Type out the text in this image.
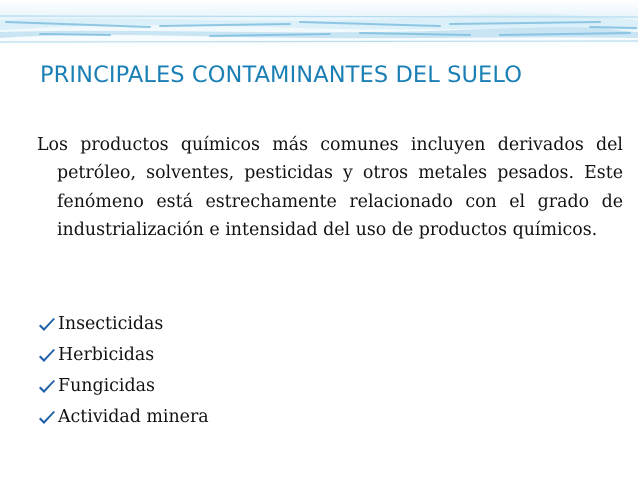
PRINCIPALES CONTAMINANTES DEL SUELO
Los productos químicos más comunes incluyen derivados del petróleo, solventes, pesticidas y otros metales pesados. Este fenómeno está estrechamente relacionado con el grado de industrialización e intensidad del uso de productos químicos.
Insecticidas
Herbicidas
Fungicidas
Actividad minera
